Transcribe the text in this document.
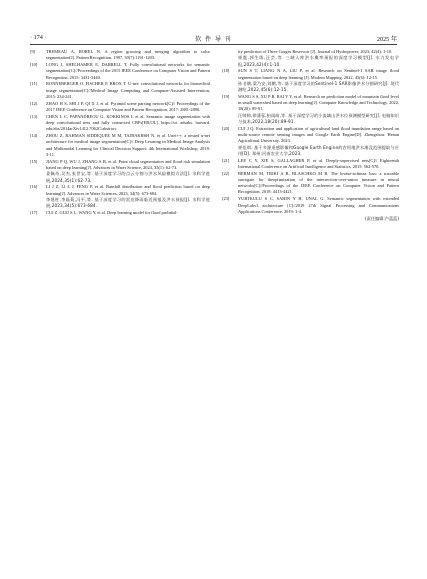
· 174 ·	软 件 导 刊	2025 年
[9]	TREMEAU A, BOREL N. A region growing and merging algorithm to color segmentation[J]. Pattern Recognition, 1997, 30(7):1191-1203.
[10]	LONG J, SHELHAMER E, DARRELL T. Fully convolutional networks for semantic segmentation[C]//Proceedings of the 2015 IEEE Conference on Computer Vision and Pattern Recognition, 2015: 3431-3440.
[11]	RONNEBERGER O, FISCHER P, BROX T. U-net: convolutional networks for biomedical image segmentation[C]//Medical Image Computing and Computer-Assisted Intervention, 2015: 234-241.
[12]	ZHAO H S, SHI J P, QI X J, et al. Pyramid scene parsing network[C]// Proceedings of the 2017 IEEE Conference on Computer Vision and Pattern Recognition, 2017: 2881-2890.
[13]	CHEN L C, PAPANDREOU G, KOKKINOS I, et al. Semantic image segmentation with deep convolutional nets and fully connected CRFs[EB/OL]. https://ui. adsabs. harvard. edu/abs/2014arXiv1412.7062C/abstract.
[14]	ZHOU Z, RAHMAN SIDDIQUEE M M, TAJBAKHSH N, et al. Unet++: a nested u-net architecture for medical image segmentation[C]// Deep Learning in Medical Image Analysis and Multimodal Learning for Clinical Decision Support: 4th International Workshop, 2018: 3-11.
[15]	JIANG P Q, WU J, ZHANG S B, et al. Point cloud segmentation and flood risk simulation based on deep learning[J]. Advances in Water Science, 2024, 35(1): 62-73.
姜佩奇,吴杰,张世宝,等. 基于深度学习的点云分割与洪水风险模拟方法[J]. 水科学进展,2024,35(1):62-73.
[16]	LI J Z, LI L J, FENG P, et al. Rainfall distribution and flood prediction based on deep learning[J]. Advances in Water Sciences, 2023, 34(5): 673-684.
李建柱,李磊菊,冯平,等. 基于深度学习的雷达降雨临近预报及洪水预报[J]. 水科学进展,2023,34(5):673-684.
[17]	CUI Z, GUO S L, WANG Y, et al. Deep learning model for flood probabil-
ity prediction of Three Gorges Reservoir [J]. Journal of Hydropower, 2023, 42(4): 1-10.
崔震,郭生练,汪芸,等. 三峡入库洪水概率预报的深度学习模型[J]. 水力发电学报,2023,42(4):1-10.
[18]	SUN S T, LIANG N A, LIU P, et al. Research on Sentinel-1 SAR image flood segmentation based on deep learning [J]. Modern Mapping, 2022, 45(6): 12-15.
孙书瑭,梁乃安,刘鹏,等. 基于深度学习的Sentinel-1 SAR影像洪水分割研究[J]. 现代测绘,2022,45(6):12-15.
[19]	WANG S S, XU P R, BAI Y Y, et al. Research on prediction model of mountain flood level in small watershed based on deep learning[J]. Computer Knowledge and Technology, 2022, 18(20): 89-91.
汪帅帅,徐蒲蓉,柏雨萌,等. 基于深度学习的小流域山洪水位预测模型研究[J]. 电脑知识与技术,2022,18(20):89-91.
[20]	CUI J Q. Extraction and application of agricultural land flood inundation range based on multi-source remote sensing images and Google Earth Engine[D]. Zhengzhou: Henan Agricultural University, 2023.
崔佳琪. 基于多源遥感影像和Google Earth Engine的农用地洪水淹没范围提取与应用[D]. 郑州:河南农业大学,2023.
[21]	LEE C Y, XIE S, GALLAGHER P, et al. Deeply-supervised nets[C]// Eighteenth International Conference on Artificial Intelligence and Statistics, 2015: 562-570.
[22]	BERMAN M, TRIKI A R, BLASCHKO M B. The lovász-softmax loss: a tractable surrogate for theoptimization of the intersection-over-union measure in neural networks[C]//Proceedings of the IEEE Conference on Computer Vision and Pattern Recognition, 2018: 4413-4421.
[23]	YURTKULU S C, SAHIN Y H, UNAL G. Semantic segmentation with extended DeepLabv3 architecture [C]//2019 27th Signal Processing and Communications Applications Conference, 2019: 1-4.
(责任编辑:卢蓝蓝)
